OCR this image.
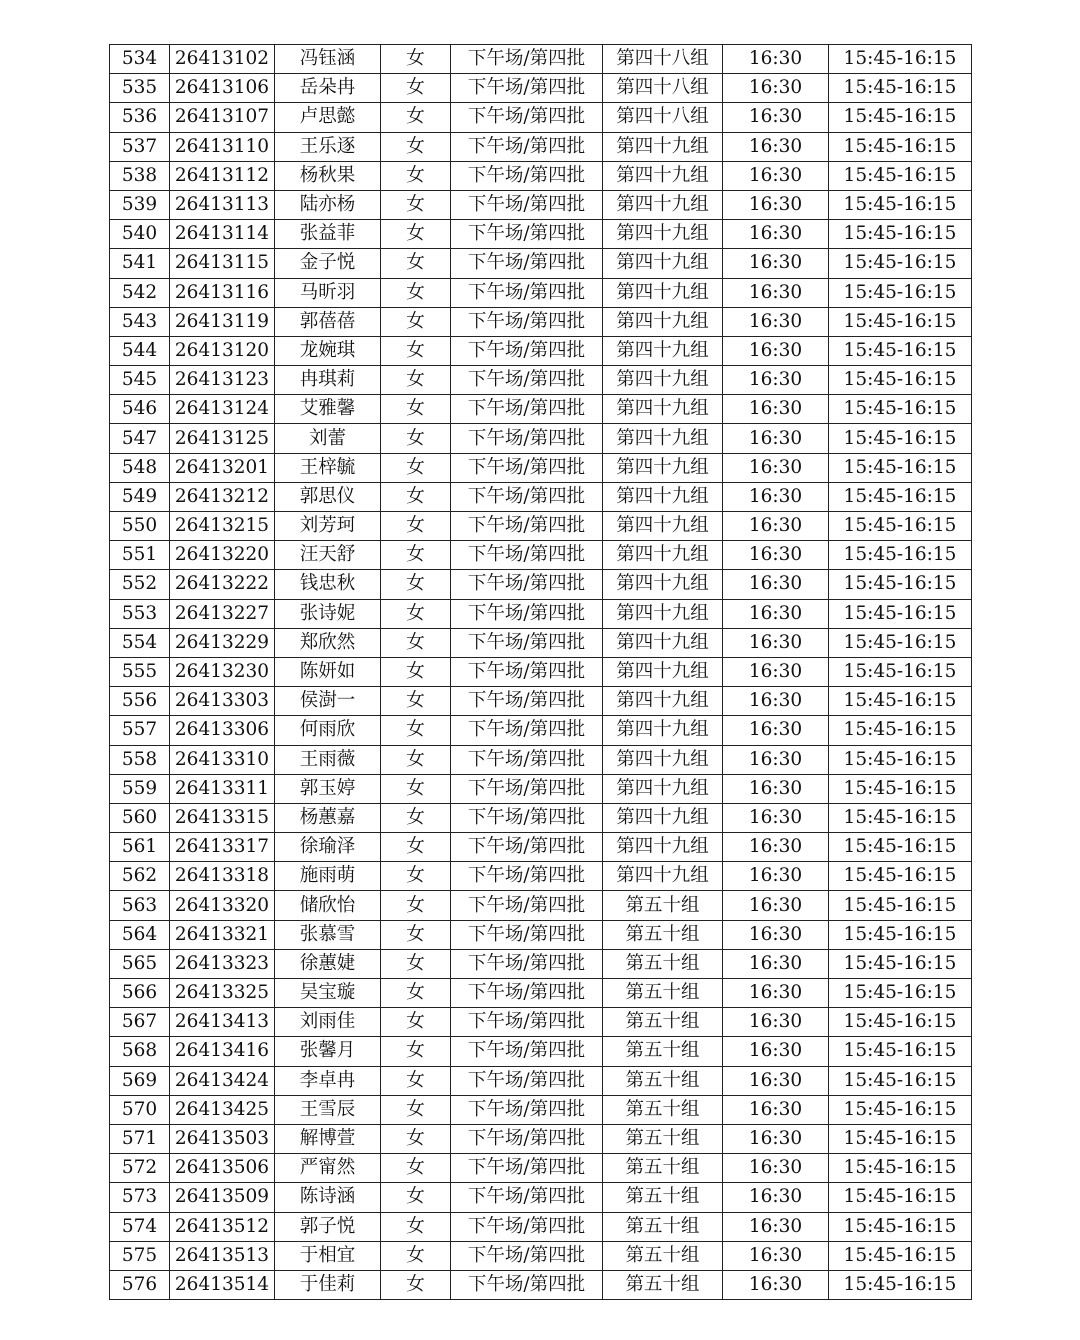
534	26413102	冯钰涵	女	下午场/第四批	第四十八组	16:30	15:45-16:15
535	26413106	岳朵冉	女	下午场/第四批	第四十八组	16:30	15:45-16:15
536	26413107	卢思懿	女	下午场/第四批	第四十八组	16:30	15:45-16:15
537	26413110	王乐逐	女	下午场/第四批	第四十九组	16:30	15:45-16:15
538	26413112	杨秋果	女	下午场/第四批	第四十九组	16:30	15:45-16:15
539	26413113	陆亦杨	女	下午场/第四批	第四十九组	16:30	15:45-16:15
540	26413114	张益菲	女	下午场/第四批	第四十九组	16:30	15:45-16:15
541	26413115	金子悦	女	下午场/第四批	第四十九组	16:30	15:45-16:15
542	26413116	马昕羽	女	下午场/第四批	第四十九组	16:30	15:45-16:15
543	26413119	郭蓓蓓	女	下午场/第四批	第四十九组	16:30	15:45-16:15
544	26413120	龙婉琪	女	下午场/第四批	第四十九组	16:30	15:45-16:15
545	26413123	冉琪莉	女	下午场/第四批	第四十九组	16:30	15:45-16:15
546	26413124	艾雅馨	女	下午场/第四批	第四十九组	16:30	15:45-16:15
547	26413125	刘蕾	女	下午场/第四批	第四十九组	16:30	15:45-16:15
548	26413201	王梓毓	女	下午场/第四批	第四十九组	16:30	15:45-16:15
549	26413212	郭思仪	女	下午场/第四批	第四十九组	16:30	15:45-16:15
550	26413215	刘芳珂	女	下午场/第四批	第四十九组	16:30	15:45-16:15
551	26413220	汪天舒	女	下午场/第四批	第四十九组	16:30	15:45-16:15
552	26413222	钱忠秋	女	下午场/第四批	第四十九组	16:30	15:45-16:15
553	26413227	张诗妮	女	下午场/第四批	第四十九组	16:30	15:45-16:15
554	26413229	郑欣然	女	下午场/第四批	第四十九组	16:30	15:45-16:15
555	26413230	陈妍如	女	下午场/第四批	第四十九组	16:30	15:45-16:15
556	26413303	侯澍一	女	下午场/第四批	第四十九组	16:30	15:45-16:15
557	26413306	何雨欣	女	下午场/第四批	第四十九组	16:30	15:45-16:15
558	26413310	王雨薇	女	下午场/第四批	第四十九组	16:30	15:45-16:15
559	26413311	郭玉婷	女	下午场/第四批	第四十九组	16:30	15:45-16:15
560	26413315	杨蕙嘉	女	下午场/第四批	第四十九组	16:30	15:45-16:15
561	26413317	徐瑜泽	女	下午场/第四批	第四十九组	16:30	15:45-16:15
562	26413318	施雨萌	女	下午场/第四批	第四十九组	16:30	15:45-16:15
563	26413320	储欣怡	女	下午场/第四批	第五十组	16:30	15:45-16:15
564	26413321	张慕雪	女	下午场/第四批	第五十组	16:30	15:45-16:15
565	26413323	徐蕙婕	女	下午场/第四批	第五十组	16:30	15:45-16:15
566	26413325	吴宝璇	女	下午场/第四批	第五十组	16:30	15:45-16:15
567	26413413	刘雨佳	女	下午场/第四批	第五十组	16:30	15:45-16:15
568	26413416	张馨月	女	下午场/第四批	第五十组	16:30	15:45-16:15
569	26413424	李卓冉	女	下午场/第四批	第五十组	16:30	15:45-16:15
570	26413425	王雪辰	女	下午场/第四批	第五十组	16:30	15:45-16:15
571	26413503	解博萱	女	下午场/第四批	第五十组	16:30	15:45-16:15
572	26413506	严甯然	女	下午场/第四批	第五十组	16:30	15:45-16:15
573	26413509	陈诗涵	女	下午场/第四批	第五十组	16:30	15:45-16:15
574	26413512	郭子悦	女	下午场/第四批	第五十组	16:30	15:45-16:15
575	26413513	于相宜	女	下午场/第四批	第五十组	16:30	15:45-16:15
576	26413514	于佳莉	女	下午场/第四批	第五十组	16:30	15:45-16:15
